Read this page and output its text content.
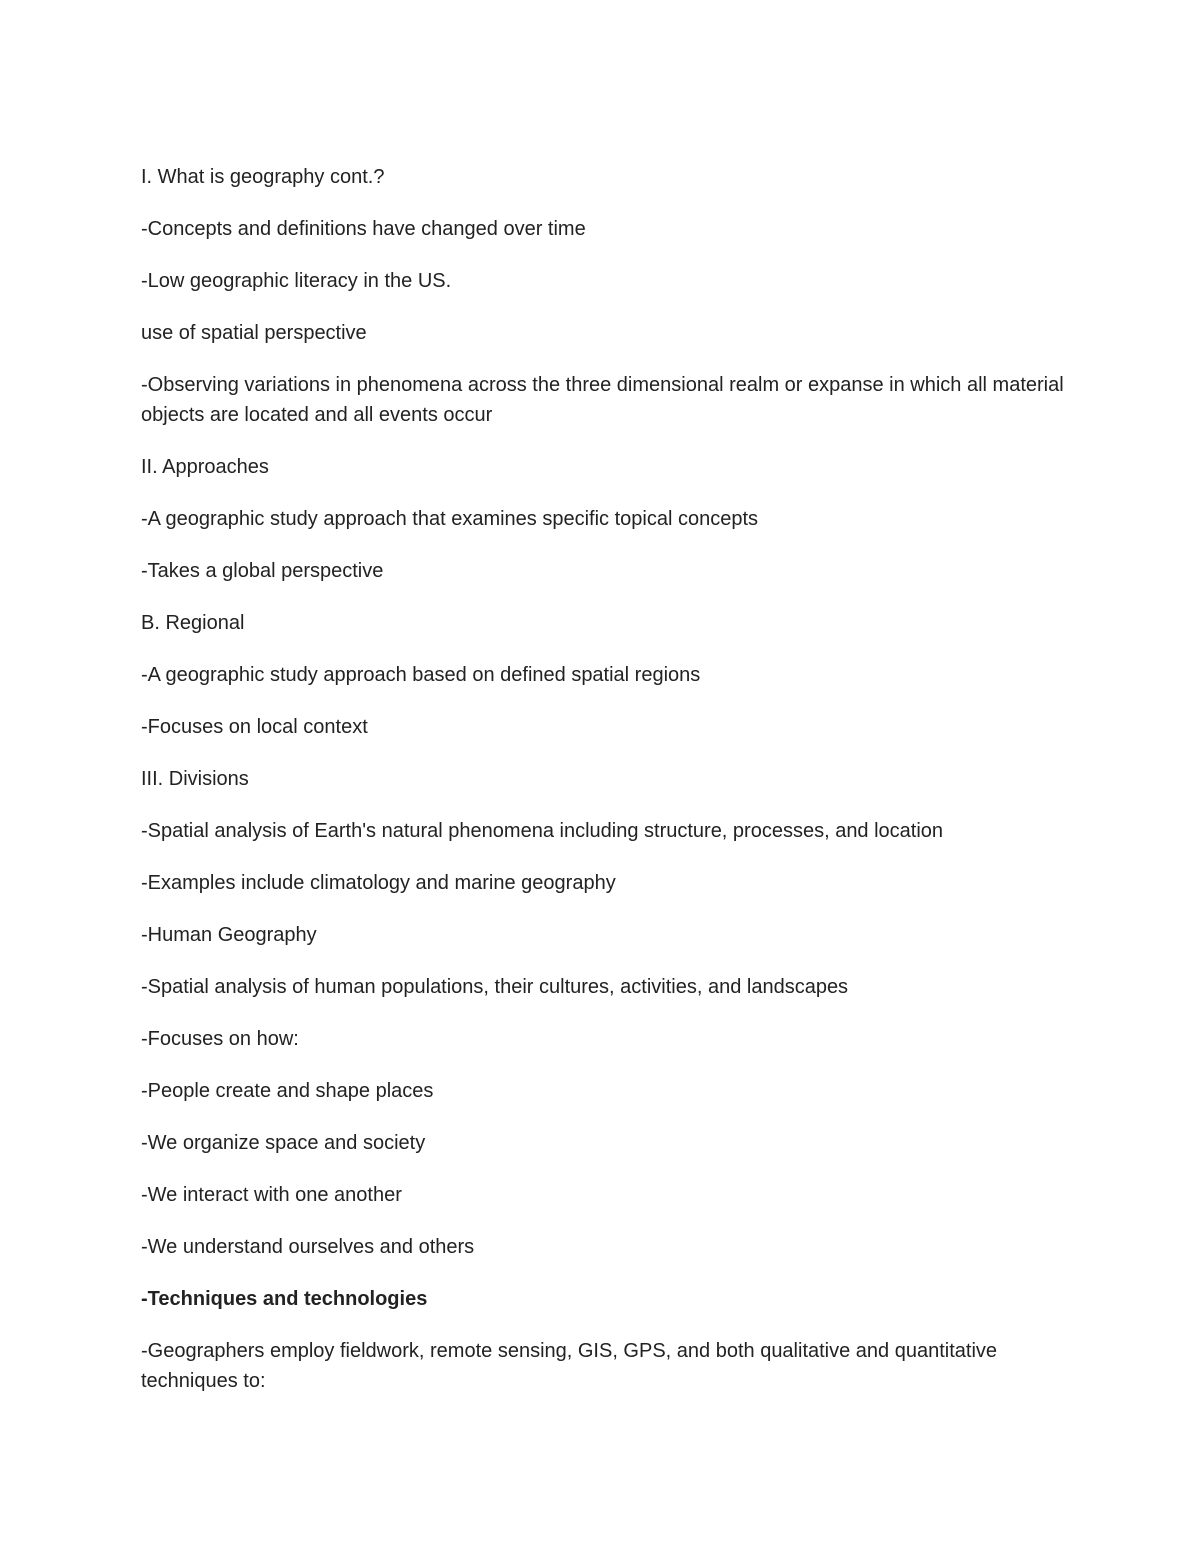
I. What is geography cont.?

-Concepts and definitions have changed over time

-Low geographic literacy in the US.

use of spatial perspective

-Observing variations in phenomena across the three dimensional realm or expanse in which all material objects are located and all events occur

II. Approaches

-A geographic study approach that examines specific topical concepts

-Takes a global perspective

B. Regional

-A geographic study approach based on defined spatial regions

-Focuses on local context

III. Divisions

-Spatial analysis of Earth's natural phenomena including structure, processes, and location

-Examples include climatology and marine geography

-Human Geography

-Spatial analysis of human populations, their cultures, activities, and landscapes

-Focuses on how:

-People create and shape places

-We organize space and society

-We interact with one another

-We understand ourselves and others

-Techniques and technologies

-Geographers employ fieldwork, remote sensing, GIS, GPS, and both qualitative and quantitative techniques to:
